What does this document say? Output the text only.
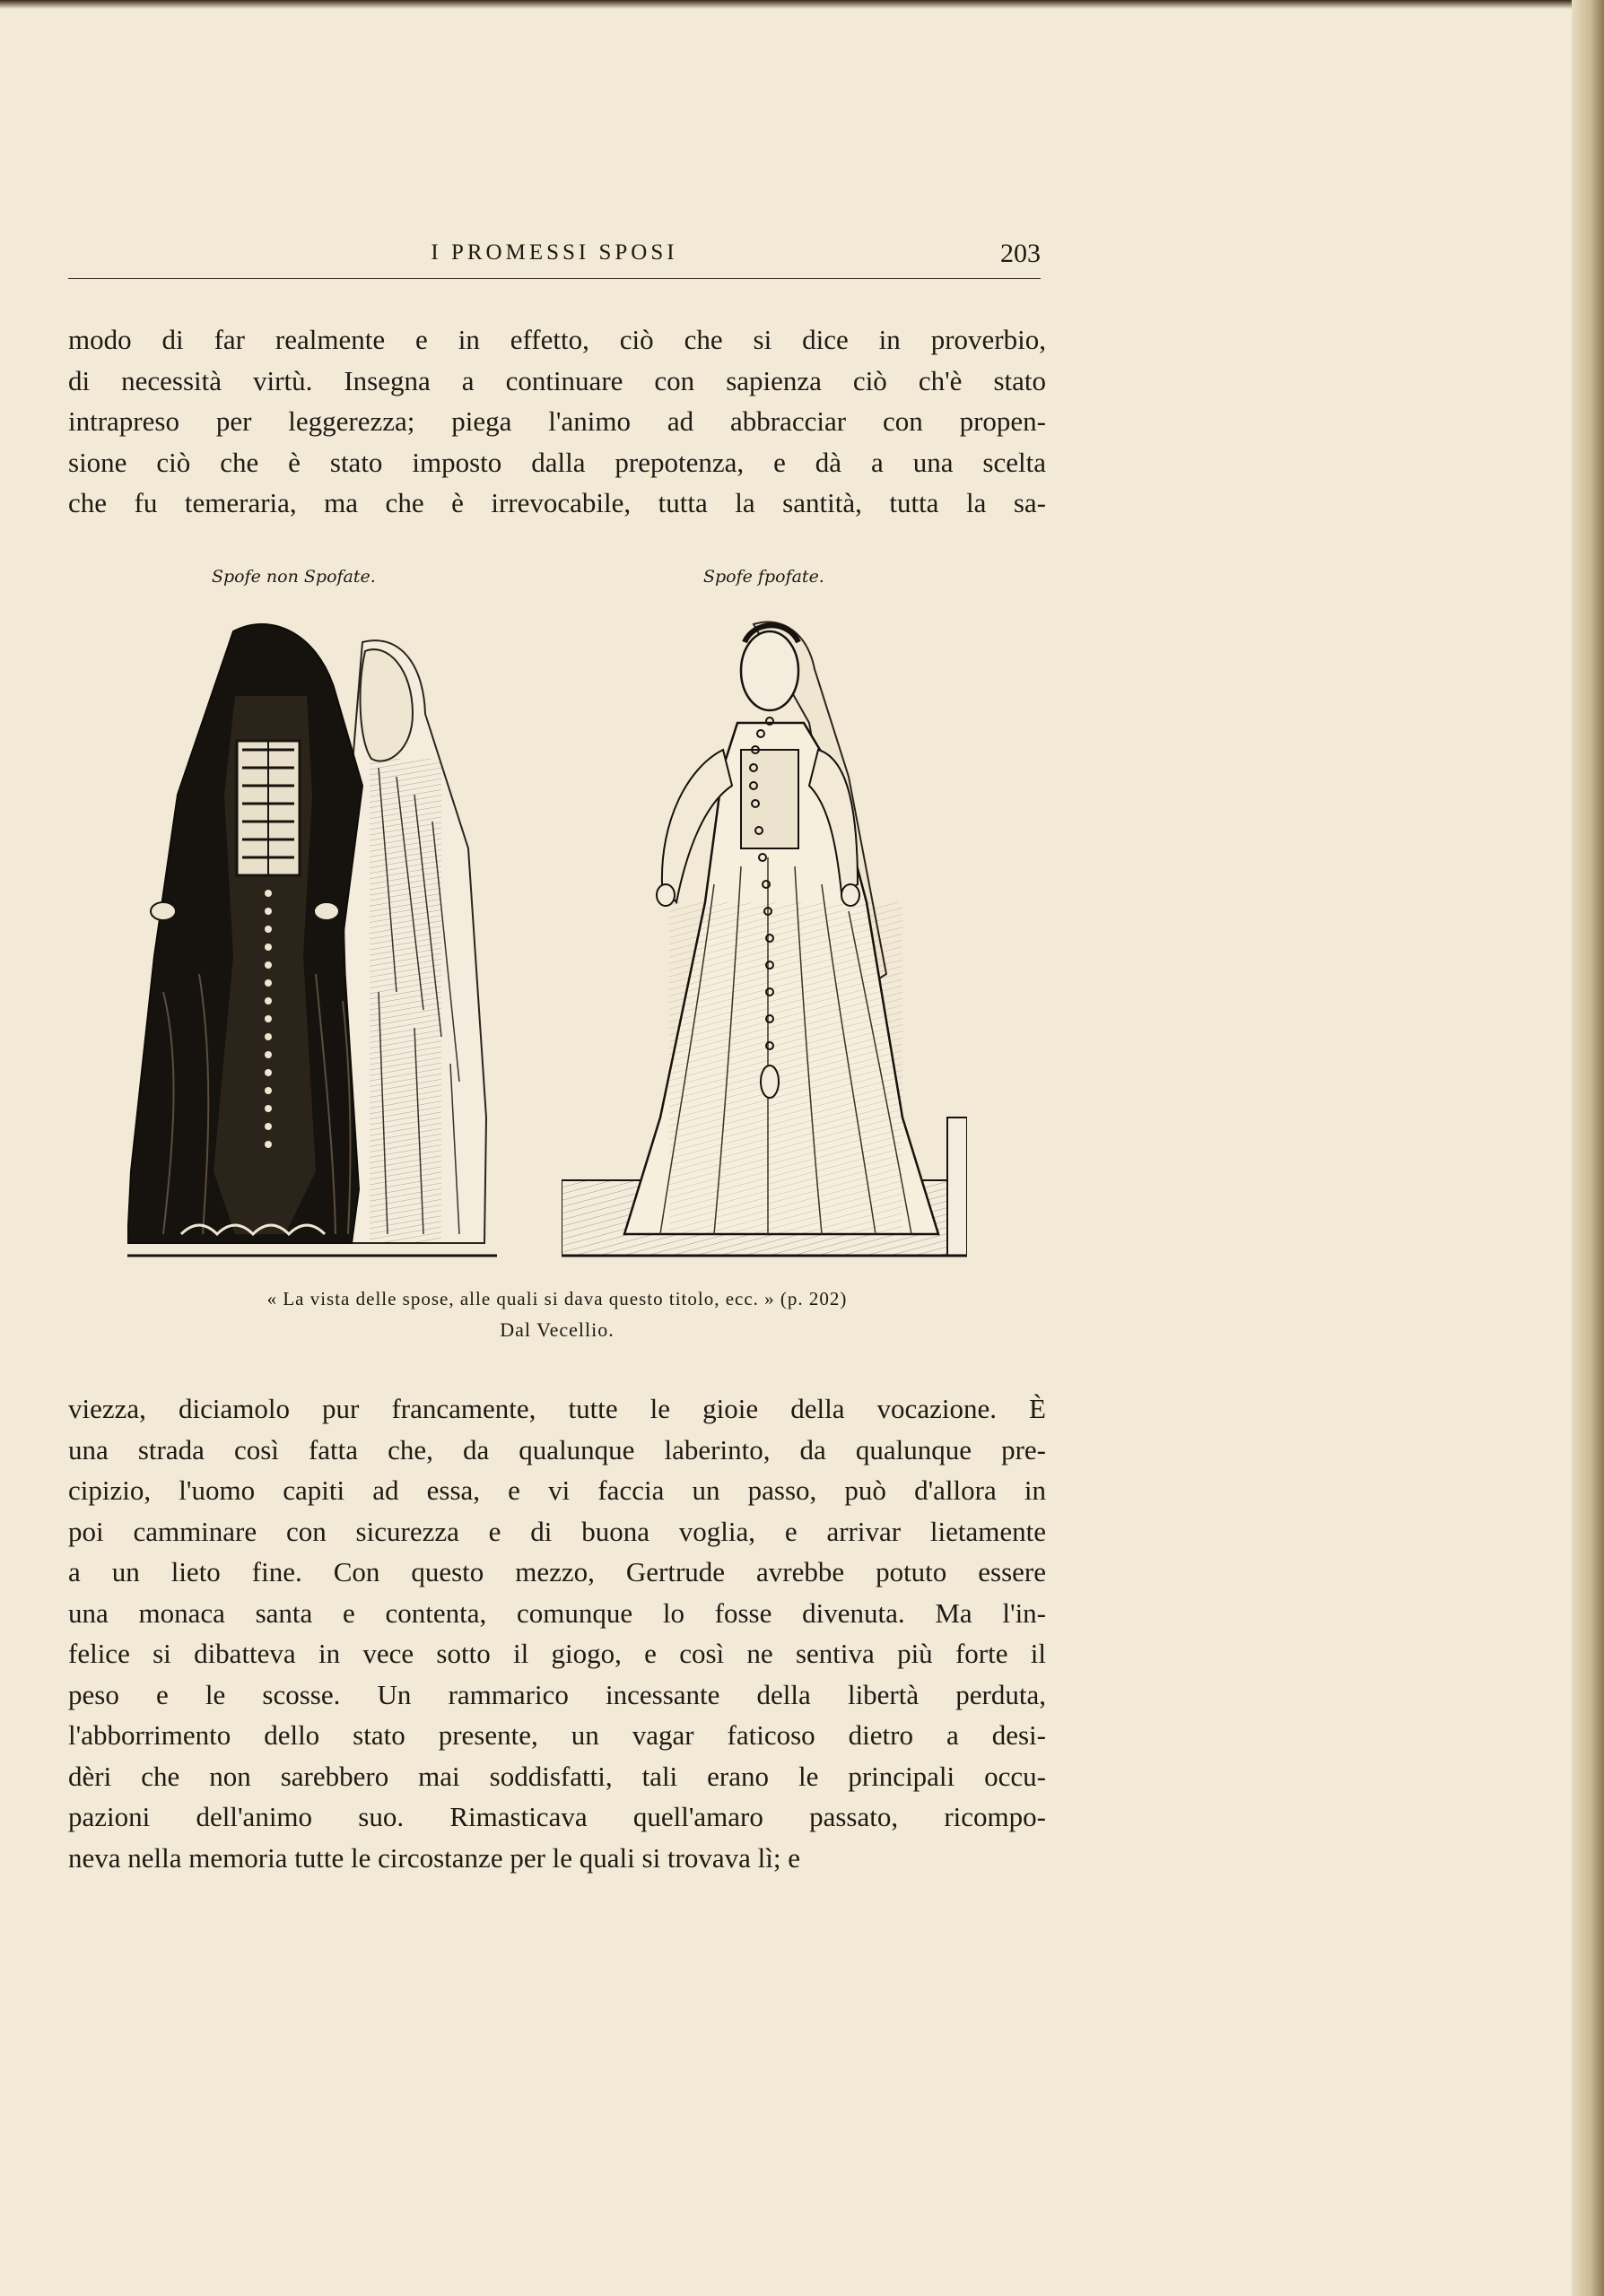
I PROMESSI SPOSI	203
modo di far realmente e in effetto, ciò che si dice in proverbio,
di necessità virtù. Insegna a continuare con sapienza ciò ch'è stato
intrapreso per leggerezza; piega l'animo ad abbracciar con propen-
sione ciò che è stato imposto dalla prepotenza, e dà a una scelta
che fu temeraria, ma che è irrevocabile, tutta la santità, tutta la sa-
Spofe non Spofate.	Spofe fpofate.
« La vista delle spose, alle quali si dava questo titolo, ecc. » (p. 202)
Dal Vecellio.
viezza, diciamolo pur francamente, tutte le gioie della vocazione. È
una strada così fatta che, da qualunque laberinto, da qualunque pre-
cipizio, l'uomo capiti ad essa, e vi faccia un passo, può d'allora in
poi camminare con sicurezza e di buona voglia, e arrivar lietamente
a un lieto fine. Con questo mezzo, Gertrude avrebbe potuto essere
una monaca santa e contenta, comunque lo fosse divenuta. Ma l'in-
felice si dibatteva in vece sotto il giogo, e così ne sentiva più forte il
peso e le scosse. Un rammarico incessante della libertà perduta,
l'abborrimento dello stato presente, un vagar faticoso dietro a desi-
dèri che non sarebbero mai soddisfatti, tali erano le principali occu-
pazioni dell'animo suo. Rimasticava quell'amaro passato, ricompo-
neva nella memoria tutte le circostanze per le quali si trovava lì; e
